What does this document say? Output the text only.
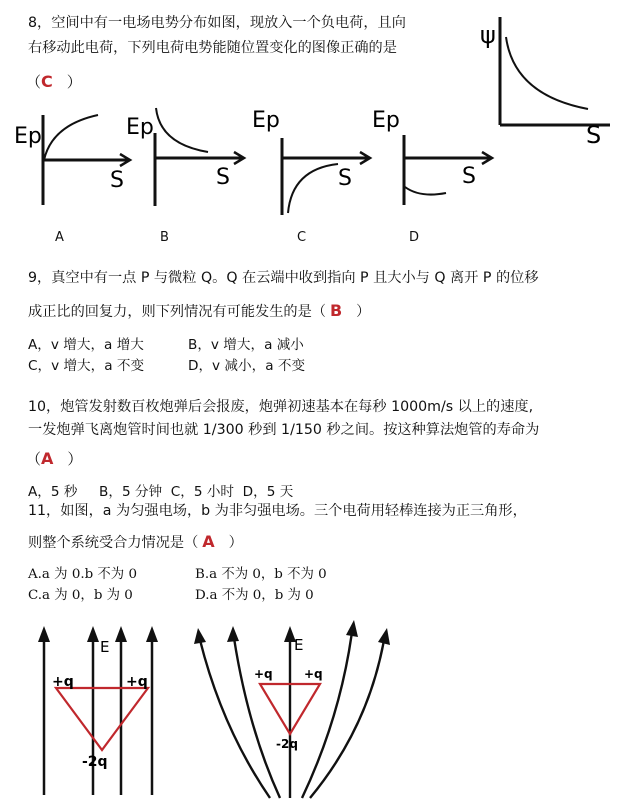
8，空间中有一电场电势分布如图，现放入一个负电荷，且向
右移动此电荷，下列电荷电势能随位置变化的图像正确的是
（C ）
ψ
S
Ep
S
Ep
S
Ep
S
Ep
S
A	B	C	D
9，真空中有一点 P 与微粒 Q。Q 在云端中收到指向 P 且大小与 Q 离开 P 的位移
成正比的回复力，则下列情况有可能发生的是（ B ）
A，v 增大，a 增大	B，v 增大，a 减小
C，v 增大，a 不变	D，v 减小，a 不变
10，炮管发射数百枚炮弹后会报废，炮弹初速基本在每秒 1000m/s 以上的速度,
一发炮弹飞离炮管时间也就 1/300 秒到 1/150 秒之间。按这种算法炮管的寿命为
（A ）
A，5 秒     B，5 分钟  C，5 小时  D，5 天
11，如图，a 为匀强电场，b 为非匀强电场。三个电荷用轻棒连接为正三角形，
则整个系统受合力情况是（ A ）
A.a 为 0.b 不为 0	B.a 不为 0，b 不为 0
C.a 为 0，b 为 0	D.a 不为 0，b 为 0
E
+q	+q
-2q
E
+q	+q
-2q
